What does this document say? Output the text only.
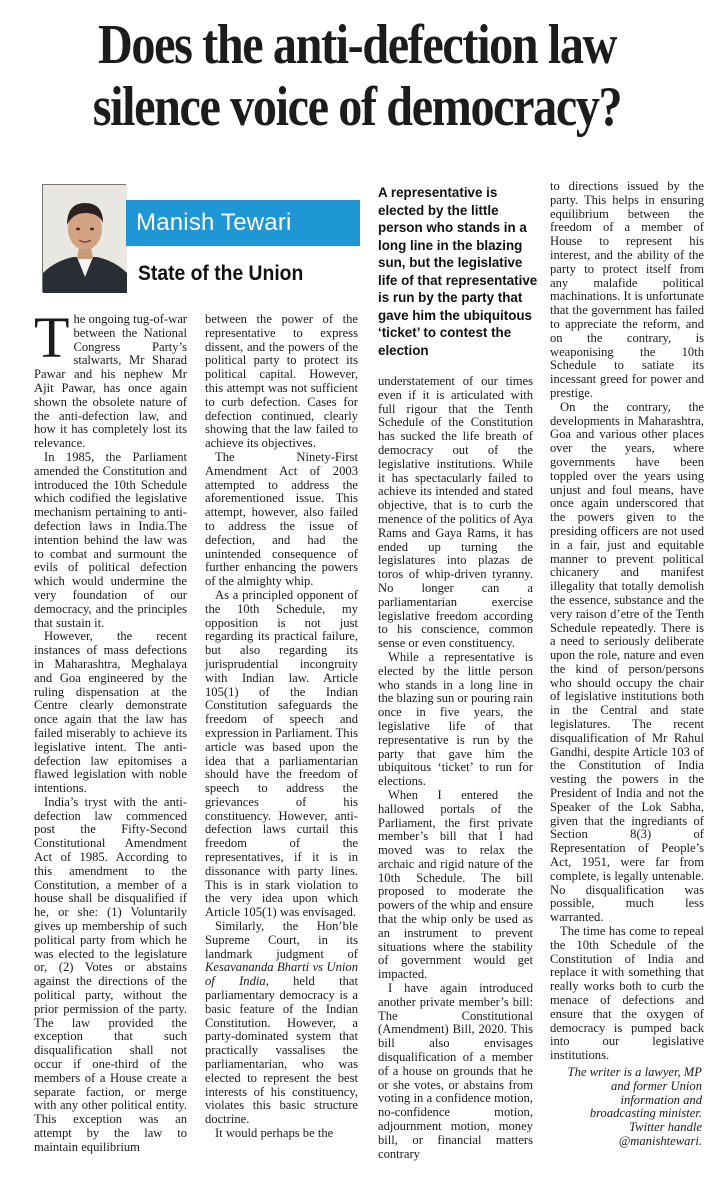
Does the anti-defection law
silence voice of democracy?
Manish Tewari
State of the Union
A representative is elected by the little person who stands in a long line in the blazing sun, but the legislative life of that representative is run by the party that gave him the ubiquitous ‘ticket’ to contest the election

The ongoing tug-of-war between the National Congress Party’s stalwarts, Mr Sharad Pawar and his nephew Mr Ajit Pawar, has once again shown the obsolete nature of the anti-defection law, and how it has completely lost its relevance.

In 1985, the Parliament amended the Constitution and introduced the 10th Schedule which codified the legislative mechanism pertaining to anti-defection laws in India.The intention behind the law was to combat and surmount the evils of political defection which would undermine the very foundation of our democracy, and the principles that sustain it.

However, the recent instances of mass defections in Maharashtra, Meghalaya and Goa engineered by the ruling dispensation at the Centre clearly demonstrate once again that the law has failed miserably to achieve its legislative intent. The anti-defection law epitomises a flawed legislation with noble intentions.

India’s tryst with the anti-defection law commenced post the Fifty-Second Constitutional Amendment Act of 1985. According to this amendment to the Constitution, a member of a house shall be disqualified if he, or she: (1) Voluntarily gives up membership of such political party from which he was elected to the legislature or, (2) Votes or abstains against the directions of the political party, without the prior permission of the party. The law provided the exception that such disqualification shall not occur if one-third of the members of a House create a separate faction, or merge with any other political entity. This exception was an attempt by the law to maintain equilibrium

between the power of the representative to express dissent, and the powers of the political party to protect its political capital. However, this attempt was not sufficient to curb defection. Cases for defection continued, clearly showing that the law failed to achieve its objectives.

The Ninety-First Amendment Act of 2003 attempted to address the aforementioned issue. This attempt, however, also failed to address the issue of defection, and had the unintended consequence of further enhancing the powers of the almighty whip.

As a principled opponent of the 10th Schedule, my opposition is not just regarding its practical failure, but also regarding its jurisprudential incongruity with Indian law. Article 105(1) of the Indian Constitution safeguards the freedom of speech and expression in Parliament. This article was based upon the idea that a parliamentarian should have the freedom of speech to address the grievances of his constituency. However, anti-defection laws curtail this freedom of the representatives, if it is in dissonance with party lines. This is in stark violation to the very idea upon which Article 105(1) was envisaged.

Similarly, the Hon’ble Supreme Court, in its landmark judgment of Kesavananda Bharti vs Union of India, held that parliamentary democracy is a basic feature of the Indian Constitution. However, a party-dominated system that practically vassalises the parliamentarian, who was elected to represent the best interests of his constituency, violates this basic structure doctrine.

It would perhaps be the

understatement of our times even if it is articulated with full rigour that the Tenth Schedule of the Constitution has sucked the life breath of democracy out of the legislative institutions. While it has spectacularly failed to achieve its intended and stated objective, that is to curb the menence of the politics of Aya Rams and Gaya Rams, it has ended up turning the legislatures into plazas de toros of whip-driven tyranny. No longer can a parliamentarian exercise legislative freedom according to his conscience, common sense or even constituency.

While a representative is elected by the little person who stands in a long line in the blazing sun or pouring rain once in five years, the legislative life of that representative is run by the party that gave him the ubiquitous ‘ticket’ to run for elections.

When I entered the hallowed portals of the Parliament, the first private member’s bill that I had moved was to relax the archaic and rigid nature of the 10th Schedule. The bill proposed to moderate the powers of the whip and ensure that the whip only be used as an instrument to prevent situations where the stability of government would get impacted.

I have again introduced another private member’s bill: The Constitutional (Amendment) Bill, 2020. This bill also envisages disqualification of a member of a house on grounds that he or she votes, or abstains from voting in a confidence motion, no-confidence motion, adjournment motion, money bill, or financial matters contrary

to directions issued by the party. This helps in ensuring equilibrium between the freedom of a member of House to represent his interest, and the ability of the party to protect itself from any malafide political machinations. It is unfortunate that the government has failed to appreciate the reform, and on the contrary, is weaponising the 10th Schedule to satiate its incessant greed for power and prestige.

On the contrary, the developments in Maharashtra, Goa and various other places over the years, where governments have been toppled over the years using unjust and foul means, have once again underscored that the powers given to the presiding officers are not used in a fair, just and equitable manner to prevent political chicanery and manifest illegality that totally demolish the essence, substance and the very raison d’etre of the Tenth Schedule repeatedly. There is a need to seriously deliberate upon the role, nature and even the kind of person/persons who should occupy the chair of legislative institutions both in the Central and state legislatures. The recent disqualification of Mr Rahul Gandhi, despite Article 103 of the Constitution of India vesting the powers in the President of India and not the Speaker of the Lok Sabha, given that the ingrediants of Section 8(3) of Representation of People’s Act, 1951, were far from complete, is legally untenable. No disqualification was possible, much less warranted.

The time has come to repeal the 10th Schedule of the Constitution of India and replace it with something that really works both to curb the menace of defections and ensure that the oxygen of democracy is pumped back into our legislative institutions.

The writer is a lawyer, MP and former Union information and broadcasting minister. Twitter handle @manishtewari.
